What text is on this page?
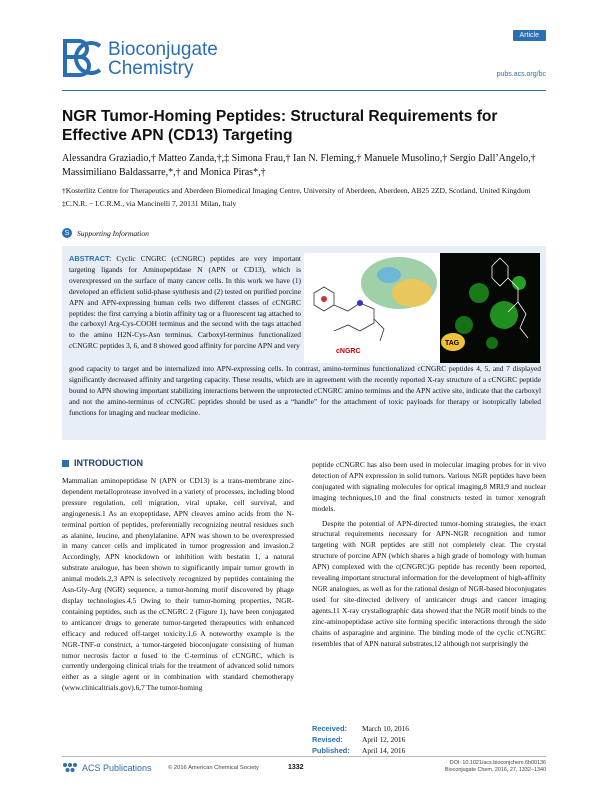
Bioconjugate
Chemistry
Article
pubs.acs.org/bc
NGR Tumor-Homing Peptides: Structural Requirements for Effective APN (CD13) Targeting
Alessandra Graziadio,† Matteo Zanda,†,‡ Simona Frau,† Ian N. Fleming,† Manuele Musolino,† Sergio Dall’Angelo,† Massimiliano Baldassarre,*,† and Monica Piras*,†

†Kosterlitz Centre for Therapeutics and Aberdeen Biomedical Imaging Centre, University of Aberdeen, Aberdeen, AB25 2ZD, Scotland, United Kingdom

‡C.N.R. − I.C.R.M., via Mancinelli 7, 20131 Milan, Italy

S	Supporting Information
ABSTRACT: Cyclic CNGRC (cCNGRC) peptides are very important targeting ligands for Aminopeptidase N (APN or CD13), which is overexpressed on the surface of many cancer cells. In this work we have (1) developed an efficient solid-phase synthesis and (2) tested on purified porcine APN and APN-expressing human cells two different classes of cCNGRC peptides: the first carrying a biotin affinity tag or a fluorescent tag attached to the carboxyl Arg-Cys-COOH terminus and the second with the tags attached to the amino H2N-Cys-Asn terminus. Carboxyl-terminus functionalized cCNGRC peptides 3, 6, and 8 showed good affinity for porcine APN and very
cNGRC
TAG
good capacity to target and be internalized into APN-expressing cells. In contrast, amino-terminus functionalized cCNGRC peptides 4, 5, and 7 displayed significantly decreased affinity and targeting capacity. These results, which are in agreement with the recently reported X-ray structure of a cCNGRC peptide bound to APN showing important stabilizing interactions between the unprotected cCNGRC amino terminus and the APN active site, indicate that the carboxyl and not the amino-terminus of cCNGRC peptides should be used as a “handle” for the attachment of toxic payloads for therapy or isotopically labeled functions for imaging and nuclear medicine.
INTRODUCTION

Mammalian aminopeptidase N (APN or CD13) is a trans-membrane zinc-dependent metalloprotease involved in a variety of processes, including blood pressure regulation, cell migration, viral uptake, cell survival, and angiogenesis.1 As an exopeptidase, APN cleaves amino acids from the N-terminal portion of peptides, preferentially recognizing neutral residues such as alanine, leucine, and phenylalanine. APN was shown to be overexpressed in many cancer cells and implicated in tumor progression and invasion.2 Accordingly, APN knockdown or inhibition with bestatin 1, a natural substrate analogue, has been shown to significantly impair tumor growth in animal models.2,3 APN is selectively recognized by peptides containing the Asn-Gly-Arg (NGR) sequence, a tumor-homing motif discovered by phage display technologies.4,5 Owing to their tumor-homing properties, NGR-containing peptides, such as the cCNGRC 2 (Figure 1), have been conjugated to anticancer drugs to generate tumor-targeted therapeutics with enhanced efficacy and reduced off-target toxicity.1,6 A noteworthy example is the NGR-TNF-α construct, a tumor-targeted bioconjugate consisting of human tumor necrosis factor α fused to the C-terminus of cCNGRC, which is currently undergoing clinical trials for the treatment of advanced solid tumors either as a single agent or in combination with standard chemotherapy (www.clinicaltrials.gov).6,7 The tumor-homing

peptide cCNGRC has also been used in molecular imaging probes for in vivo detection of APN expression in solid tumors. Various NGR peptides have been conjugated with signaling molecules for optical imaging,8 MRI,9 and nuclear imaging techniques,10 and the final constructs tested in tumor xenograft models.

Despite the potential of APN-directed tumor-homing strategies, the exact structural requirements necessary for APN-NGR recognition and tumor targeting with NGR peptides are still not completely clear. The crystal structure of porcine APN (which shares a high grade of homology with human APN) complexed with the c(CNGRC)G peptide has recently been reported, revealing important structural information for the development of high-affinity NGR analogues, as well as for the rational design of NGR-based bioconjugates used for site-directed delivery of anticancer drugs and cancer imaging agents.11 X-ray crystallographic data showed that the NGR motif binds to the zinc-aminopeptidase active site forming specific interactions through the side chains of asparagine and arginine. The binding mode of the cyclic cCNGRC resembles that of APN natural substrates,12 although not surprisingly the

Received: March 10, 2016
Revised:	April 12, 2016
Published: April 14, 2016
ACS Publications	© 2016 American Chemical Society	1332
DOI: 10.1021/acs.bioconjchem.6b00136
Bioconjugate Chem. 2016, 27, 1332−1340
